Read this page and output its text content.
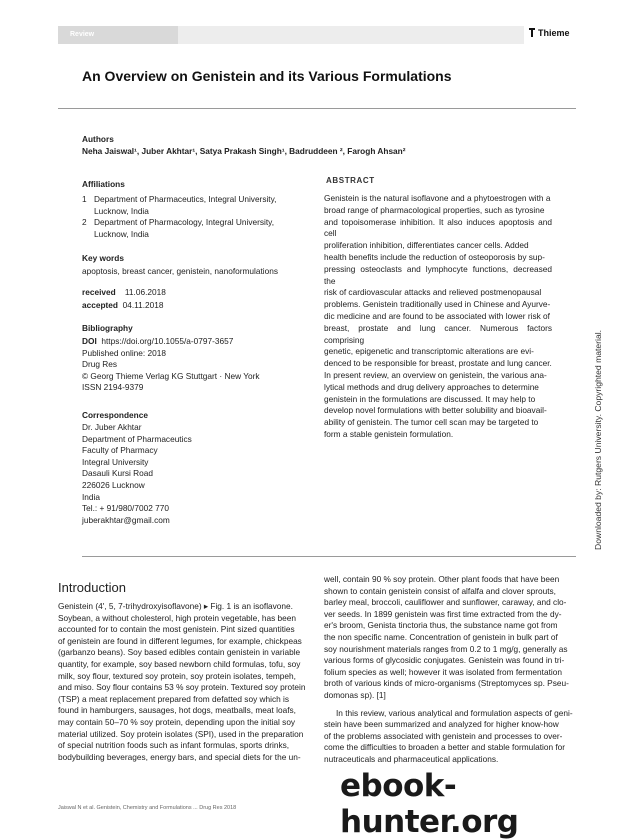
Review	Thieme
An Overview on Genistein and its Various Formulations
Authors
Neha Jaiswal¹, Juber Akhtar¹, Satya Prakash Singh¹, Badruddeen ², Farogh Ahsan²
Affiliations
1 Department of Pharmaceutics, Integral University,
Lucknow, India
2 Department of Pharmacology, Integral University,
Lucknow, India
Key words
apoptosis, breast cancer, genistein, nanoformulations
received 11.06.2018
accepted 04.11.2018
Bibliography
DOI https://doi.org/10.1055/a-0797-3657
Published online: 2018
Drug Res
© Georg Thieme Verlag KG Stuttgart · New York
ISSN 2194-9379
Correspondence
Dr. Juber Akhtar
Department of Pharmaceutics
Faculty of Pharmacy
Integral University
Dasauli Kursi Road
226026 Lucknow
India
Tel.: + 91/980/7002 770
juberakhtar@gmail.com
ABSTRACT
Genistein is the natural isoflavone and a phytoestrogen with a
broad range of pharmacological properties, such as tyrosine
and topoisomerase inhibition. It also induces apoptosis and cell
proliferation inhibition, differentiates cancer cells. Added
health benefits include the reduction of osteoporosis by sup-
pressing osteoclasts and lymphocyte functions, decreased the
risk of cardiovascular attacks and relieved postmenopausal
problems. Genistein traditionally used in Chinese and Ayurve-
dic medicine and are found to be associated with lower risk of
breast, prostate and lung cancer. Numerous factors comprising
genetic, epigenetic and transcriptomic alterations are evi-
denced to be responsible for breast, prostate and lung cancer.
In present review, an overview on genistein, the various ana-
lytical methods and drug delivery approaches to determine
genistein in the formulations are discussed. It may help to
develop novel formulations with better solubility and bioavail-
ability of genistein. The tumor cell scan may be targeted to
form a stable genistein formulation.	Downloaded by: Rutgers University. Copyrighted material.
Introduction
Genistein (4', 5, 7-trihydroxyisoflavone) ▸ Fig. 1 is an isoflavone.
Soybean, a without cholesterol, high protein vegetable, has been
accounted for to contain the most genistein. Pint sized quantities
of genistein are found in different legumes, for example, chickpeas
(garbanzo beans). Soy based edibles contain genistein in variable
quantity, for example, soy based newborn child formulas, tofu, soy
milk, soy flour, textured soy protein, soy protein isolates, tempeh,
and miso. Soy flour contains 53 % soy protein. Textured soy protein
(TSP) a meat replacement prepared from defatted soy which is
found in hamburgers, sausages, hot dogs, meatballs, meat loafs,
may contain 50–70 % soy protein, depending upon the initial soy
material utilized. Soy protein isolates (SPI), used in the preparation
of special nutrition foods such as infant formulas, sports drinks,
bodybuilding beverages, energy bars, and special diets for the un-
well, contain 90 % soy protein. Other plant foods that have been
shown to contain genistein consist of alfalfa and clover sprouts,
barley meal, broccoli, cauliflower and sunflower, caraway, and clo-
ver seeds. In 1899 genistein was first time extracted from the dy-
er's broom, Genista tinctoria thus, the substance name got from
the non specific name. Concentration of genistein in bulk part of
soy nourishment materials ranges from 0.2 to 1 mg/g, generally as
various forms of glycosidic conjugates. Genistein was found in tri-
folium species as well; however it was isolated from fermentation
broth of various kinds of micro-organisms (Streptomyces sp. Pseu-
domonas sp). [1]
In this review, various analytical and formulation aspects of geni-
stein have been summarized and analyzed for higher know-how
of the problems associated with genistein and processes to over-
come the difficulties to broaden a better and stable formulation for
nutraceuticals and pharmaceutical applications.
Jaiswal N et al. Genistein, Chemistry and Formulations ... Drug Res 2018
ebook-hunter.org
